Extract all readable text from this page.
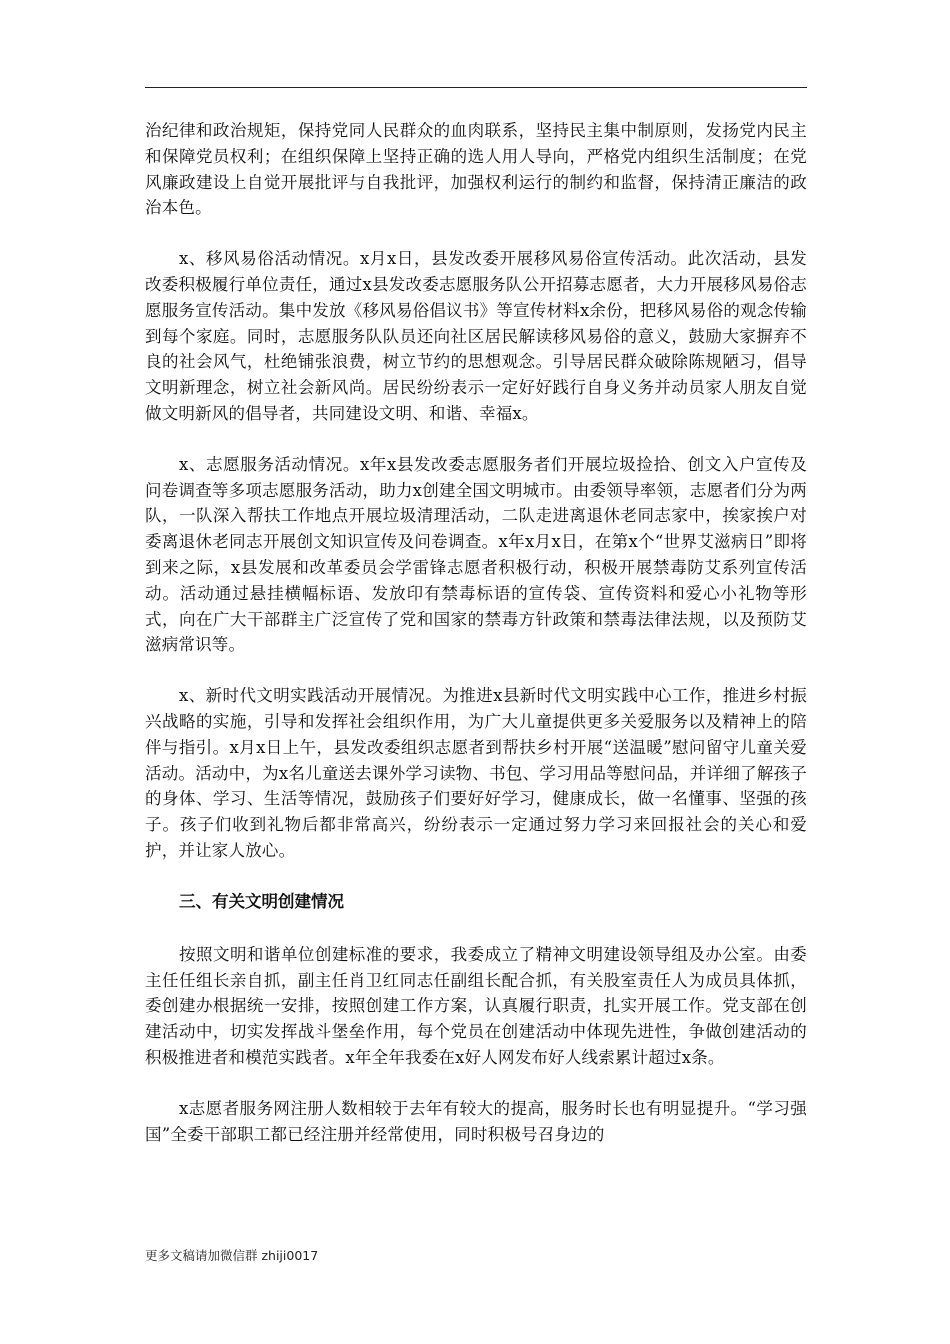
治纪律和政治规矩，保持党同人民群众的血肉联系，坚持民主集中制原则，发扬党内民主和保障党员权利；在组织保障上坚持正确的选人用人导向，严格党内组织生活制度；在党风廉政建设上自觉开展批评与自我批评，加强权利运行的制约和监督，保持清正廉洁的政治本色。

x、移风易俗活动情况。x月x日，县发改委开展移风易俗宣传活动。此次活动，县发改委积极履行单位责任，通过x县发改委志愿服务队公开招募志愿者，大力开展移风易俗志愿服务宣传活动。集中发放《移风易俗倡议书》等宣传材料x余份，把移风易俗的观念传输到每个家庭。同时，志愿服务队队员还向社区居民解读移风易俗的意义，鼓励大家摒弃不良的社会风气，杜绝铺张浪费，树立节约的思想观念。引导居民群众破除陈规陋习，倡导文明新理念，树立社会新风尚。居民纷纷表示一定好好践行自身义务并动员家人朋友自觉做文明新风的倡导者，共同建设文明、和谐、幸福x。

x、志愿服务活动情况。x年x县发改委志愿服务者们开展垃圾捡拾、创文入户宣传及问卷调查等多项志愿服务活动，助力x创建全国文明城市。由委领导率领，志愿者们分为两队，一队深入帮扶工作地点开展垃圾清理活动，二队走进离退休老同志家中，挨家挨户对委离退休老同志开展创文知识宣传及问卷调查。x年x月x日，在第x个“世界艾滋病日”即将到来之际，x县发展和改革委员会学雷锋志愿者积极行动，积极开展禁毒防艾系列宣传活动。活动通过悬挂横幅标语、发放印有禁毒标语的宣传袋、宣传资料和爱心小礼物等形式，向在广大干部群主广泛宣传了党和国家的禁毒方针政策和禁毒法律法规，以及预防艾滋病常识等。

x、新时代文明实践活动开展情况。为推进x县新时代文明实践中心工作，推进乡村振兴战略的实施，引导和发挥社会组织作用，为广大儿童提供更多关爱服务以及精神上的陪伴与指引。x月x日上午，县发改委组织志愿者到帮扶乡村开展“送温暖”慰问留守儿童关爱活动。活动中，为x名儿童送去课外学习读物、书包、学习用品等慰问品，并详细了解孩子的身体、学习、生活等情况，鼓励孩子们要好好学习，健康成长，做一名懂事、坚强的孩子。孩子们收到礼物后都非常高兴，纷纷表示一定通过努力学习来回报社会的关心和爱护，并让家人放心。

三、有关文明创建情况

按照文明和谐单位创建标准的要求，我委成立了精神文明建设领导组及办公室。由委主任任组长亲自抓，副主任肖卫红同志任副组长配合抓，有关股室责任人为成员具体抓，委创建办根据统一安排，按照创建工作方案，认真履行职责，扎实开展工作。党支部在创建活动中，切实发挥战斗堡垒作用，每个党员在创建活动中体现先进性，争做创建活动的积极推进者和模范实践者。x年全年我委在x好人网发布好人线索累计超过x条。

x志愿者服务网注册人数相较于去年有较大的提高，服务时长也有明显提升。“学习强国”全委干部职工都已经注册并经常使用，同时积极号召身边的

更多文稿请加微信群 zhiji0017
